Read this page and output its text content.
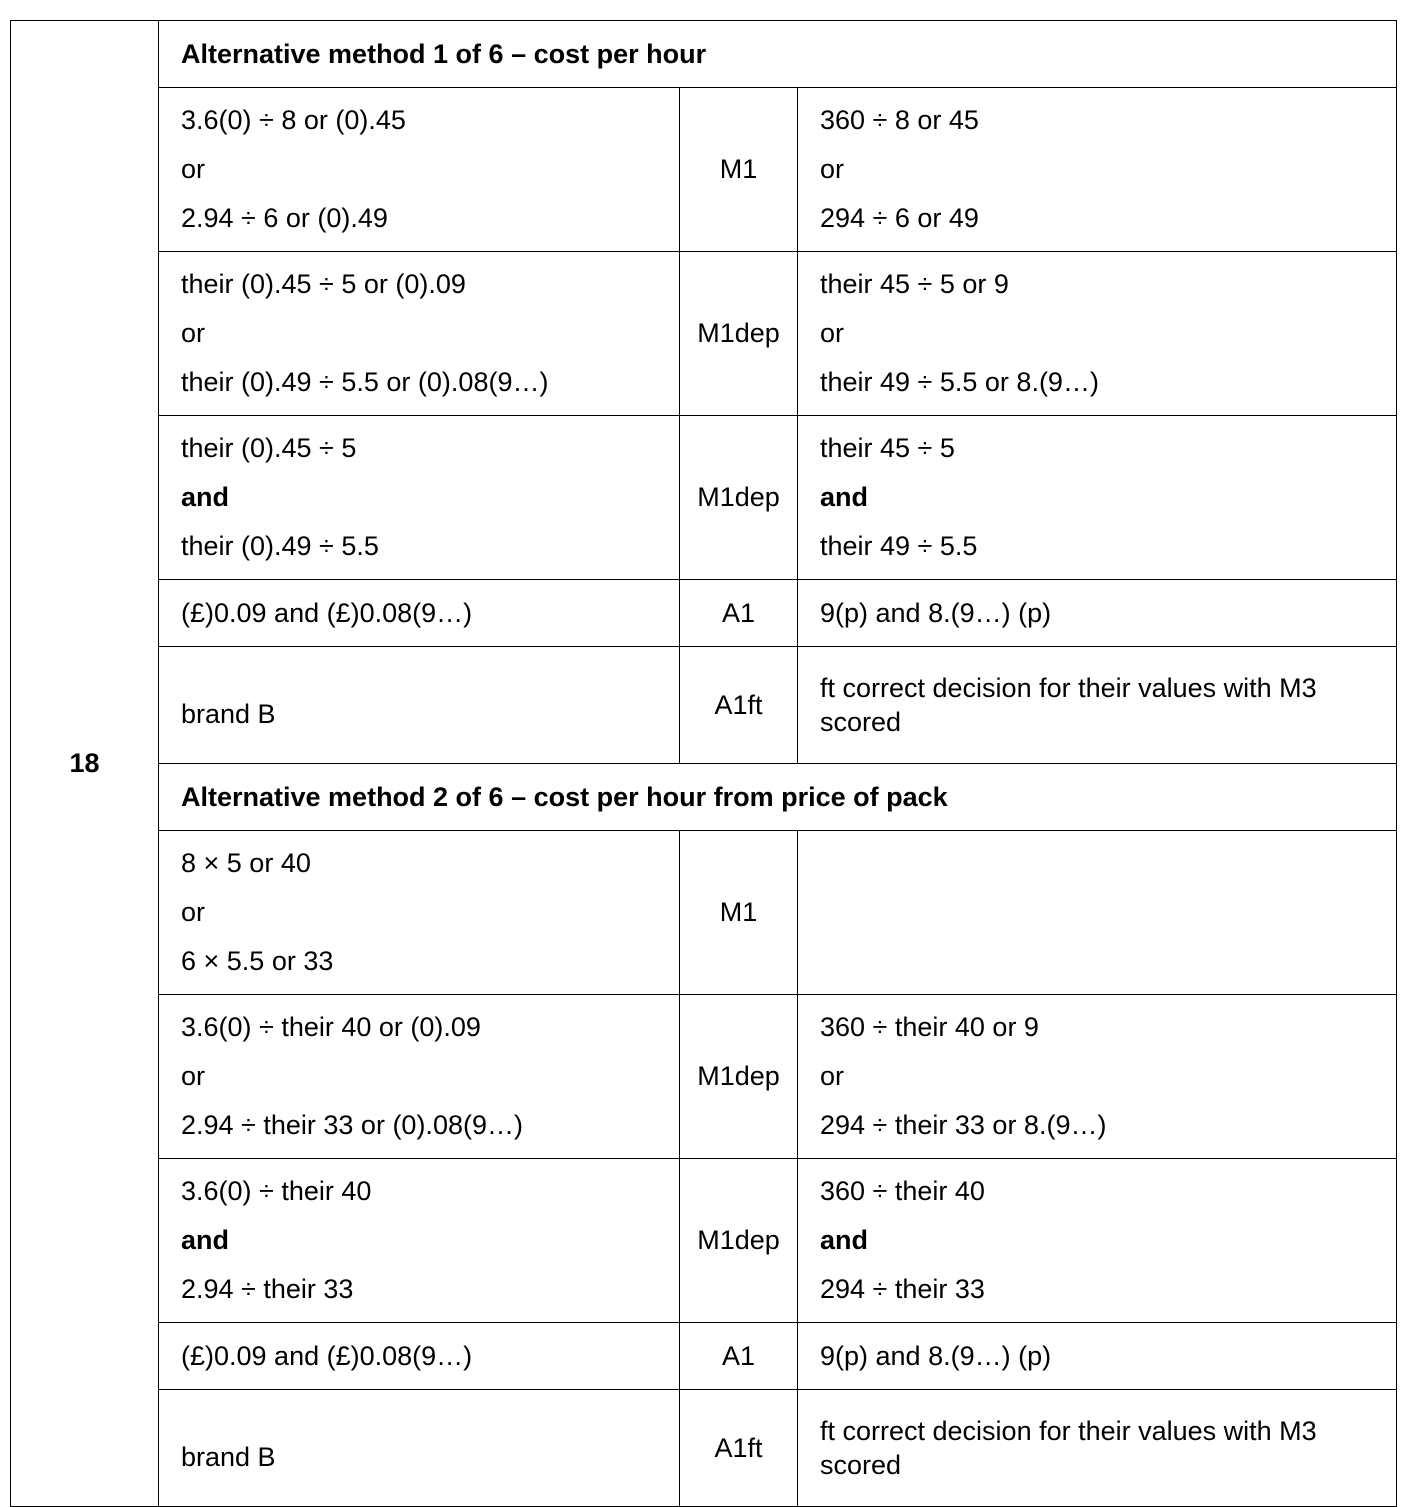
18	Alternative method 1 of 6 – cost per hour		

	3.6(0) ÷ 8 or (0).45
or
2.94 ÷ 6 or (0).49	M1	360 ÷ 8 or 45
or
294 ÷ 6 or 49

	their (0).45 ÷ 5 or (0).09
or
their (0).49 ÷ 5.5 or (0).08(9…)	M1dep	their 45 ÷ 5 or 9
or
their 49 ÷ 5.5 or 8.(9…)

	their (0).45 ÷ 5
and
their (0).49 ÷ 5.5	M1dep	their 45 ÷ 5
and
their 49 ÷ 5.5

	(£)0.09 and (£)0.08(9…)	A1	9(p) and 8.(9…) (p)

	brand B	A1ft	ft correct decision for their values with M3 scored

	Alternative method 2 of 6 – cost per hour from price of pack		

	8 × 5 or 40
or
6 × 5.5 or 33	M1	

	3.6(0) ÷ their 40 or (0).09
or
2.94 ÷ their 33 or (0).08(9…)	M1dep	360 ÷ their 40 or 9
or
294 ÷ their 33 or 8.(9…)

	3.6(0) ÷ their 40
and
2.94 ÷ their 33	M1dep	360 ÷ their 40
and
294 ÷ their 33

	(£)0.09 and (£)0.08(9…)	A1	9(p) and 8.(9…) (p)

	brand B	A1ft	ft correct decision for their values with M3 scored
